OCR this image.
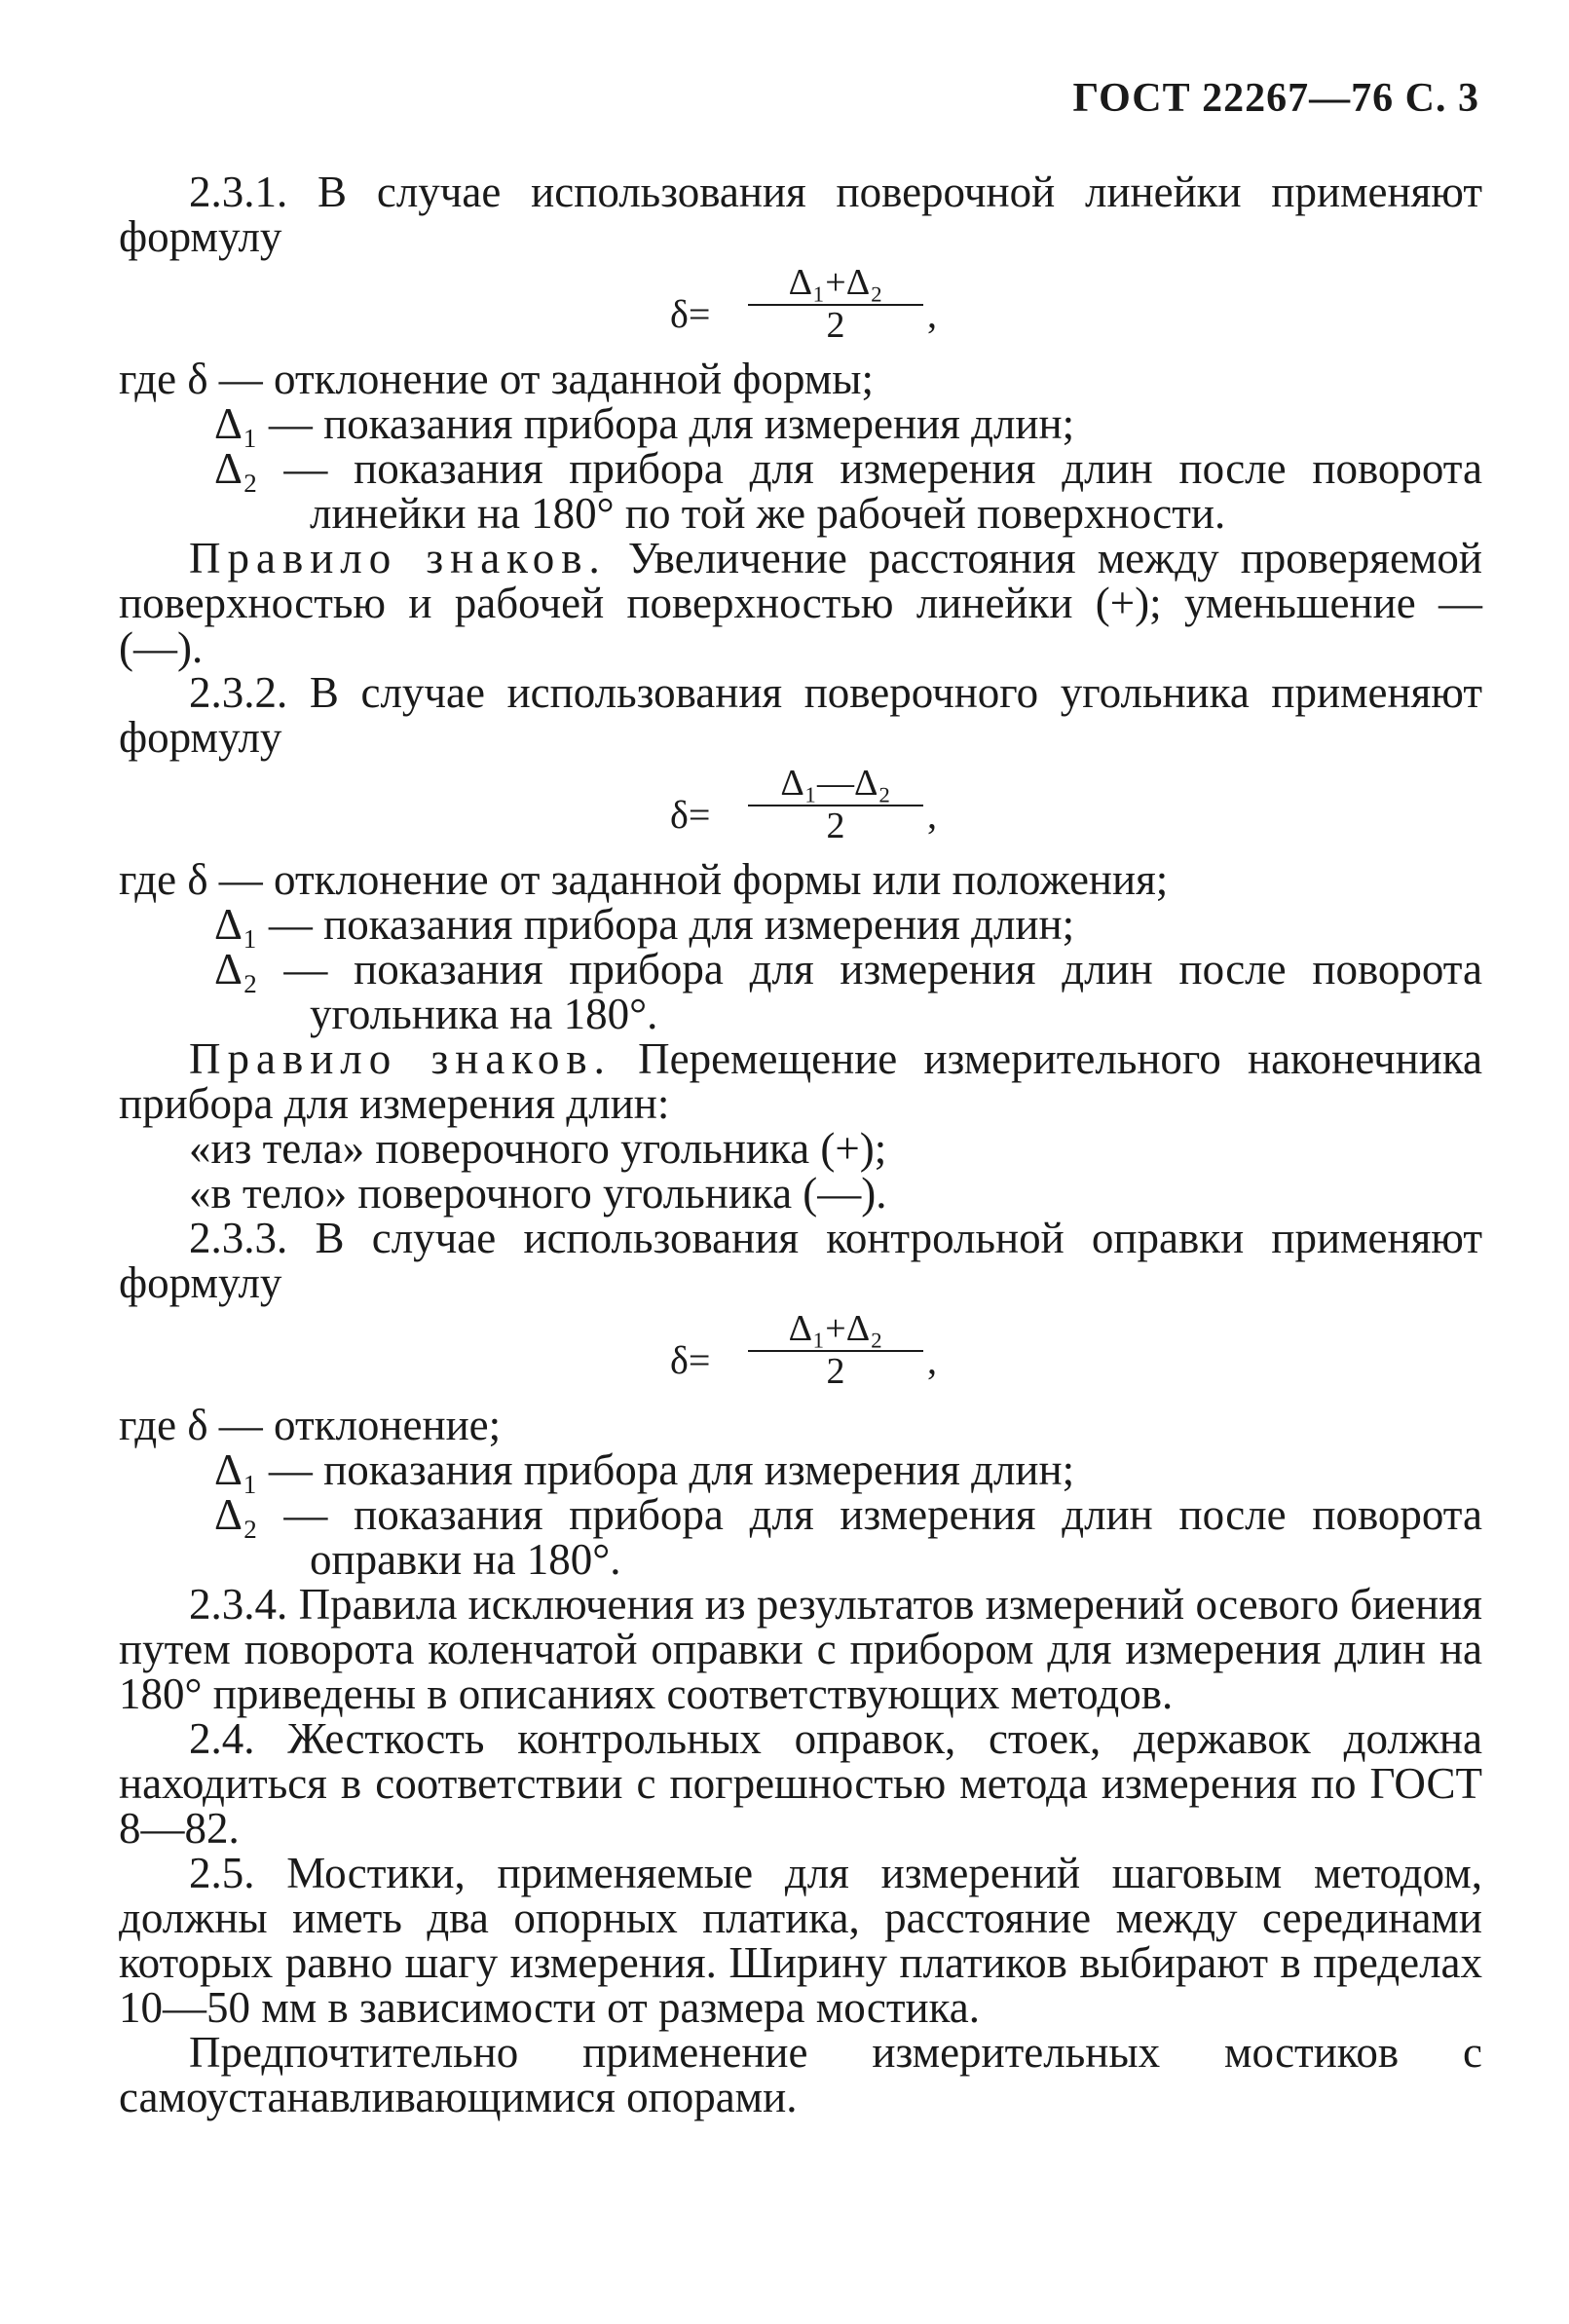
ГОСТ 22267—76 С. 3

2.3.1. В случае использования поверочной линейки применяют формулу

δ=
Δ₁+Δ₂
2	,

где δ — отклонение от заданной формы;

Δ₁ — показания прибора для измерения длин;

Δ₂ — показания прибора для измерения длин после поворота линейки на 180° по той же рабочей поверхности.

Правило знаков. Увеличение расстояния между проверяемой поверхностью и рабочей поверхностью линейки (+); уменьшение — (—).

2.3.2. В случае использования поверочного угольника применяют формулу

δ=
Δ₁—Δ₂
2	,

где δ — отклонение от заданной формы или положения;

Δ₁ — показания прибора для измерения длин;

Δ₂ — показания прибора для измерения длин после поворота угольника на 180°.

Правило знаков. Перемещение измерительного наконечника прибора для измерения длин:

«из тела» поверочного угольника (+);

«в тело» поверочного угольника (—).

2.3.3. В случае использования контрольной оправки применяют формулу

δ=
Δ₁+Δ₂
2	,

где δ — отклонение;

Δ₁ — показания прибора для измерения длин;

Δ₂ — показания прибора для измерения длин после поворота оправки на 180°.

2.3.4. Правила исключения из результатов измерений осевого биения путем поворота коленчатой оправки с прибором для измерения длин на 180° приведены в описаниях соответствующих методов.

2.4. Жесткость контрольных оправок, стоек, державок должна находиться в соответствии с погрешностью метода измерения по ГОСТ 8—82.

2.5. Мостики, применяемые для измерений шаговым методом, должны иметь два опорных платика, расстояние между серединами которых равно шагу измерения. Ширину платиков выбирают в пределах 10—50 мм в зависимости от размера мостика.

Предпочтительно применение измерительных мостиков с самоустанавливающимися опорами.
